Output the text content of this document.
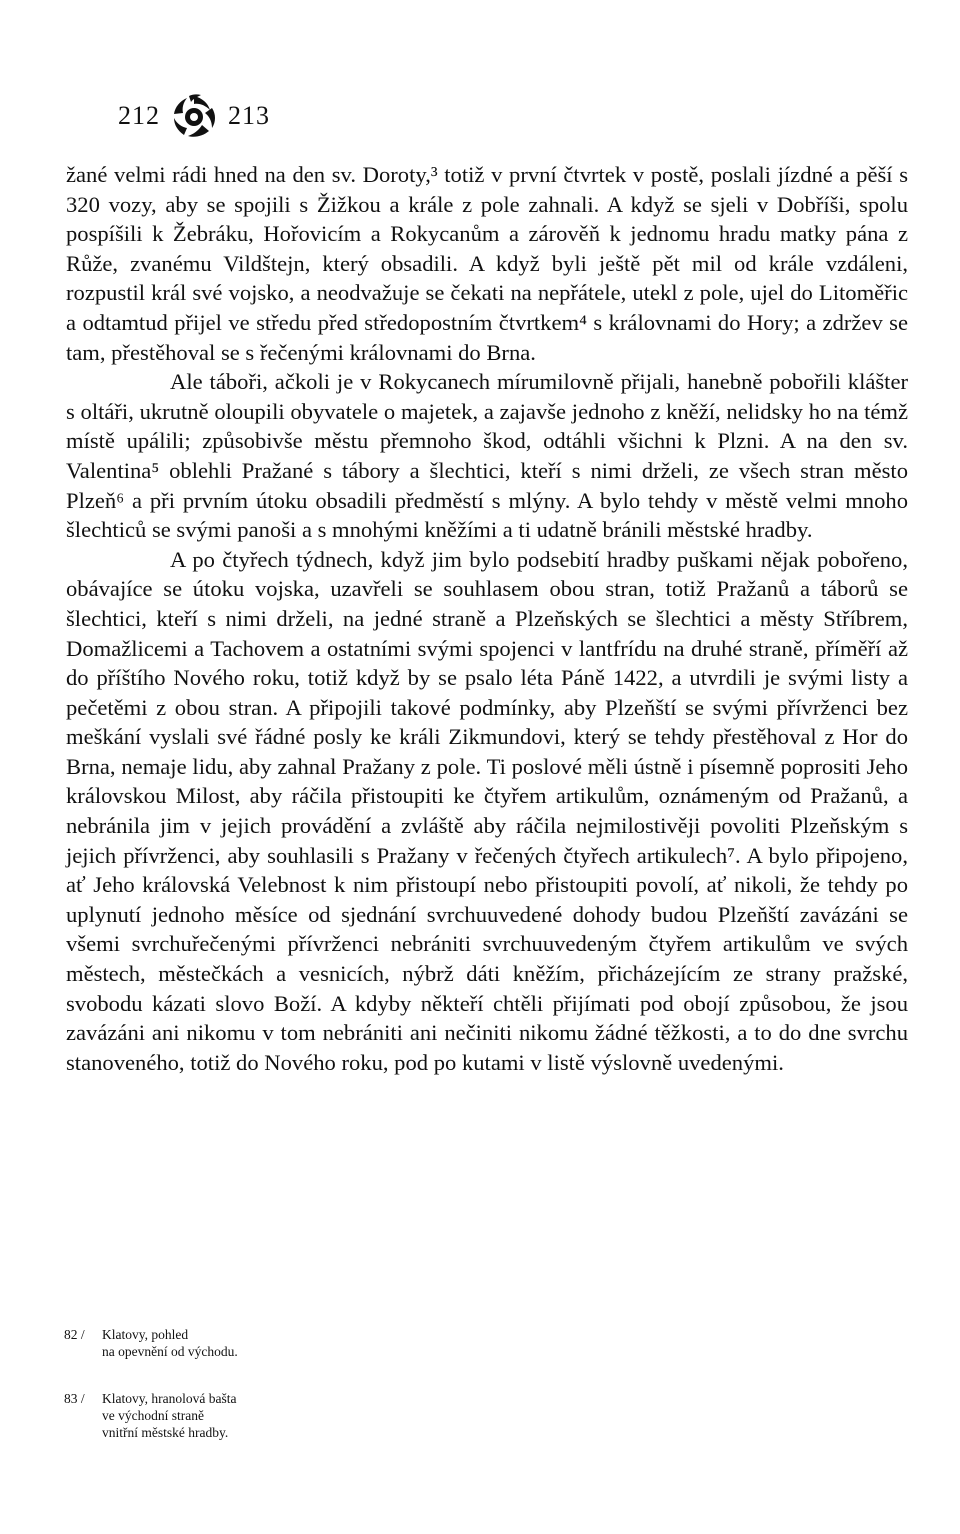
212	213

žané velmi rádi hned na den sv. Doroty,³ totiž v první čtvrtek v postě, poslali jízdné a pěší s 320 vozy, aby se spojili s Žižkou a krále z pole zahnali. A když se sjeli v Dobříši, spolu pospíšili k Žebráku, Hořovicím a Rokycanům a zárověň k jednomu hradu matky pána z Růže, zvanému Vildštejn, který obsadili. A když byli ještě pět mil od krále vzdáleni, rozpustil král své vojsko, a neodvažuje se čekati na nepřátele, utekl z pole, ujel do Litoměřic a odtamtud přijel ve středu před středopostním čtvrtkem⁴ s královnami do Hory; a zdržev se tam, přestěhoval se s řečenými královnami do Brna.

Ale táboři, ačkoli je v Rokycanech mírumilovně přijali, hanebně pobořili klášter s oltáři, ukrutně oloupili obyvatele o majetek, a zajavše jednoho z kněží, nelidsky ho na témž místě upálili; způsobivše městu přemnoho škod, odtáhli všichni k Plzni. A na den sv. Valentina⁵ oblehli Pražané s tábory a šlechtici, kteří s nimi drželi, ze všech stran město Plzeň⁶ a při prvním útoku obsadili předměstí s mlýny. A bylo tehdy v městě velmi mnoho šlechticů se svými panoši a s mnohými kněžími a ti udatně bránili městské hradby.

A po čtyřech týdnech, když jim bylo podsebití hradby puškami nějak pobořeno, obávajíce se útoku vojska, uzavřeli se souhlasem obou stran, totiž Pražanů a táborů se šlechtici, kteří s nimi drželi, na jedné straně a Plzeňských se šlechtici a městy Stříbrem, Domažlicemi a Tachovem a ostatními svými spojenci v lantfrídu na druhé straně, příměří až do příštího Nového roku, totiž když by se psalo léta Páně 1422, a utvrdili je svými listy a pečetěmi z obou stran. A připojili takové podmínky, aby Plzeňští se svými přívrženci bez meškání vyslali své řádné posly ke králi Zikmundovi, který se tehdy přestěhoval z Hor do Brna, nemaje lidu, aby zahnal Pražany z pole. Ti poslové měli ústně i písemně poprositi Jeho královskou Milost, aby ráčila přistoupiti ke čtyřem artikulům, oznámeným od Pražanů, a nebránila jim v jejich provádění a zvláště aby ráčila nejmilostivěji povoliti Plzeňským s jejich přívrženci, aby souhlasili s Pražany v řečených čtyřech artikulech⁷. A bylo připojeno, ať Jeho královská Velebnost k nim přistoupí nebo přistoupiti povolí, ať nikoli, že tehdy po uplynutí jednoho měsíce od sjednání svrchuuvedené dohody budou Plzeňští zavázáni se všemi svrchuřečenými přívrženci nebrániti svrchuuvedeným čtyřem artikulům ve svých městech, městečkách a vesnicích, nýbrž dáti kněžím, přicházejícím ze strany pražské, svobodu kázati slovo Boží. A kdyby někteří chtěli přijímati pod obojí způsobou, že jsou zavázáni ani nikomu v tom nebrániti ani nečiniti nikomu žádné těžkosti, a to do dne svrchu stanoveného, totiž do Nového roku, pod po kutami v listě výslovně uvedenými.

82 /	Klatovy, pohled
na opevnění od východu.
83 /	Klatovy, hranolová bašta
ve východní straně
vnitřní městské hradby.
